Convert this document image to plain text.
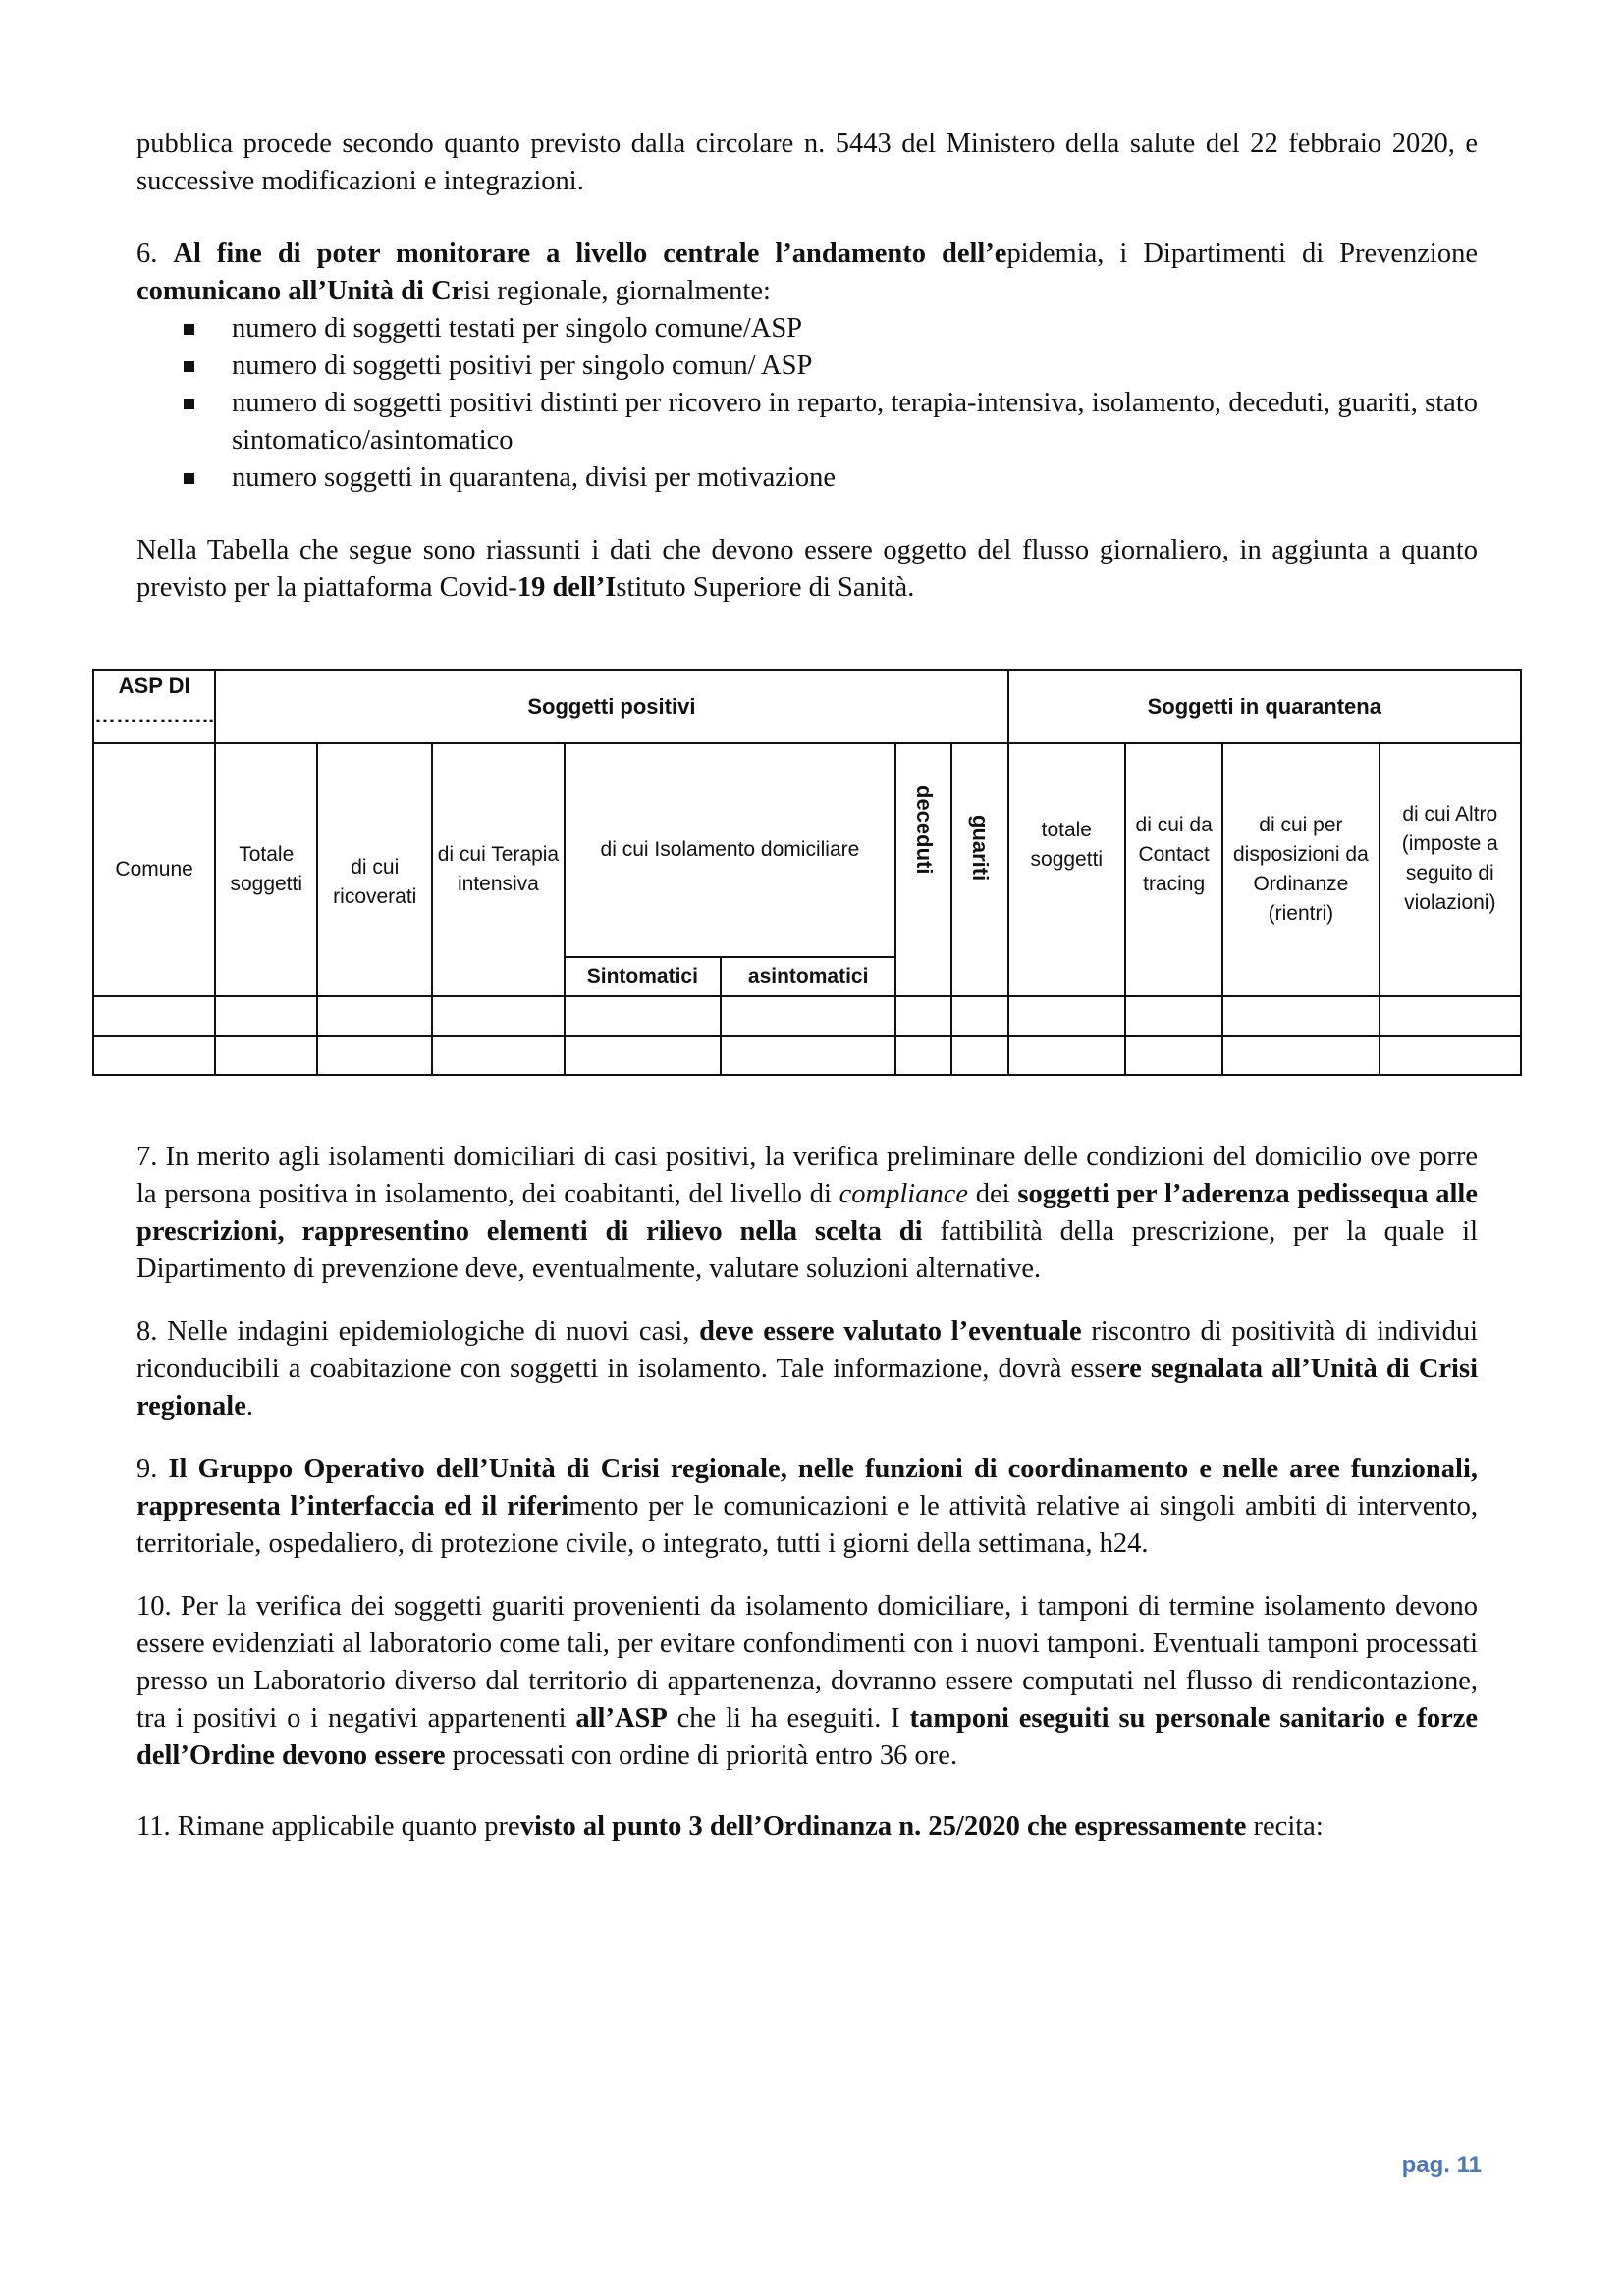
pubblica procede secondo quanto previsto dalla circolare n. 5443 del Ministero della salute del 22 febbraio 2020, e successive modificazioni e integrazioni.

6. Al fine di poter monitorare a livello centrale l’andamento dell’epidemia, i Dipartimenti di Prevenzione comunicano all’Unità di Crisi regionale, giornalmente:

numero di soggetti testati per singolo comune/ASP
numero di soggetti positivi per singolo comun/ ASP
numero di soggetti positivi distinti per ricovero in reparto, terapia-intensiva, isolamento, deceduti, guariti, stato sintomatico/asintomatico
numero soggetti in quarantena, divisi per motivazione

Nella Tabella che segue sono riassunti i dati che devono essere oggetto del flusso giornaliero, in aggiunta a quanto previsto per la piattaforma Covid-19 dell’Istituto Superiore di Sanità.

ASP DI
……………..	Soggetti positivi							Soggetti in quarantena			
Comune	Totale soggetti	di cui ricoverati	di cui Terapia intensiva	di cui Isolamento domiciliare		deceduti	guariti	totale soggetti	di cui da Contact tracing	di cui per disposizioni da Ordinanze (rientri)	di cui Altro (imposte a seguito di violazioni)
				Sintomatici	asintomatici						

7. In merito agli isolamenti domiciliari di casi positivi, la verifica preliminare delle condizioni del domicilio ove porre la persona positiva in isolamento, dei coabitanti, del livello di compliance dei soggetti per l’aderenza pedissequa alle prescrizioni, rappresentino elementi di rilievo nella scelta di fattibilità della prescrizione, per la quale il Dipartimento di prevenzione deve, eventualmente, valutare soluzioni alternative.

8. Nelle indagini epidemiologiche di nuovi casi, deve essere valutato l’eventuale riscontro di positività di individui riconducibili a coabitazione con soggetti in isolamento. Tale informazione, dovrà essere segnalata all’Unità di Crisi regionale.

9. Il Gruppo Operativo dell’Unità di Crisi regionale, nelle funzioni di coordinamento e nelle aree funzionali, rappresenta l’interfaccia ed il riferimento per le comunicazioni e le attività relative ai singoli ambiti di intervento, territoriale, ospedaliero, di protezione civile, o integrato, tutti i giorni della settimana, h24.

10. Per la verifica dei soggetti guariti provenienti da isolamento domiciliare, i tamponi di termine isolamento devono essere evidenziati al laboratorio come tali, per evitare confondimenti con i nuovi tamponi. Eventuali tamponi processati presso un Laboratorio diverso dal territorio di appartenenza, dovranno essere computati nel flusso di rendicontazione, tra i positivi o i negativi appartenenti all’ASP che li ha eseguiti. I tamponi eseguiti su personale sanitario e forze dell’Ordine devono essere processati con ordine di priorità entro 36 ore.

11. Rimane applicabile quanto previsto al punto 3 dell’Ordinanza n. 25/2020 che espressamente recita:

pag. 11
